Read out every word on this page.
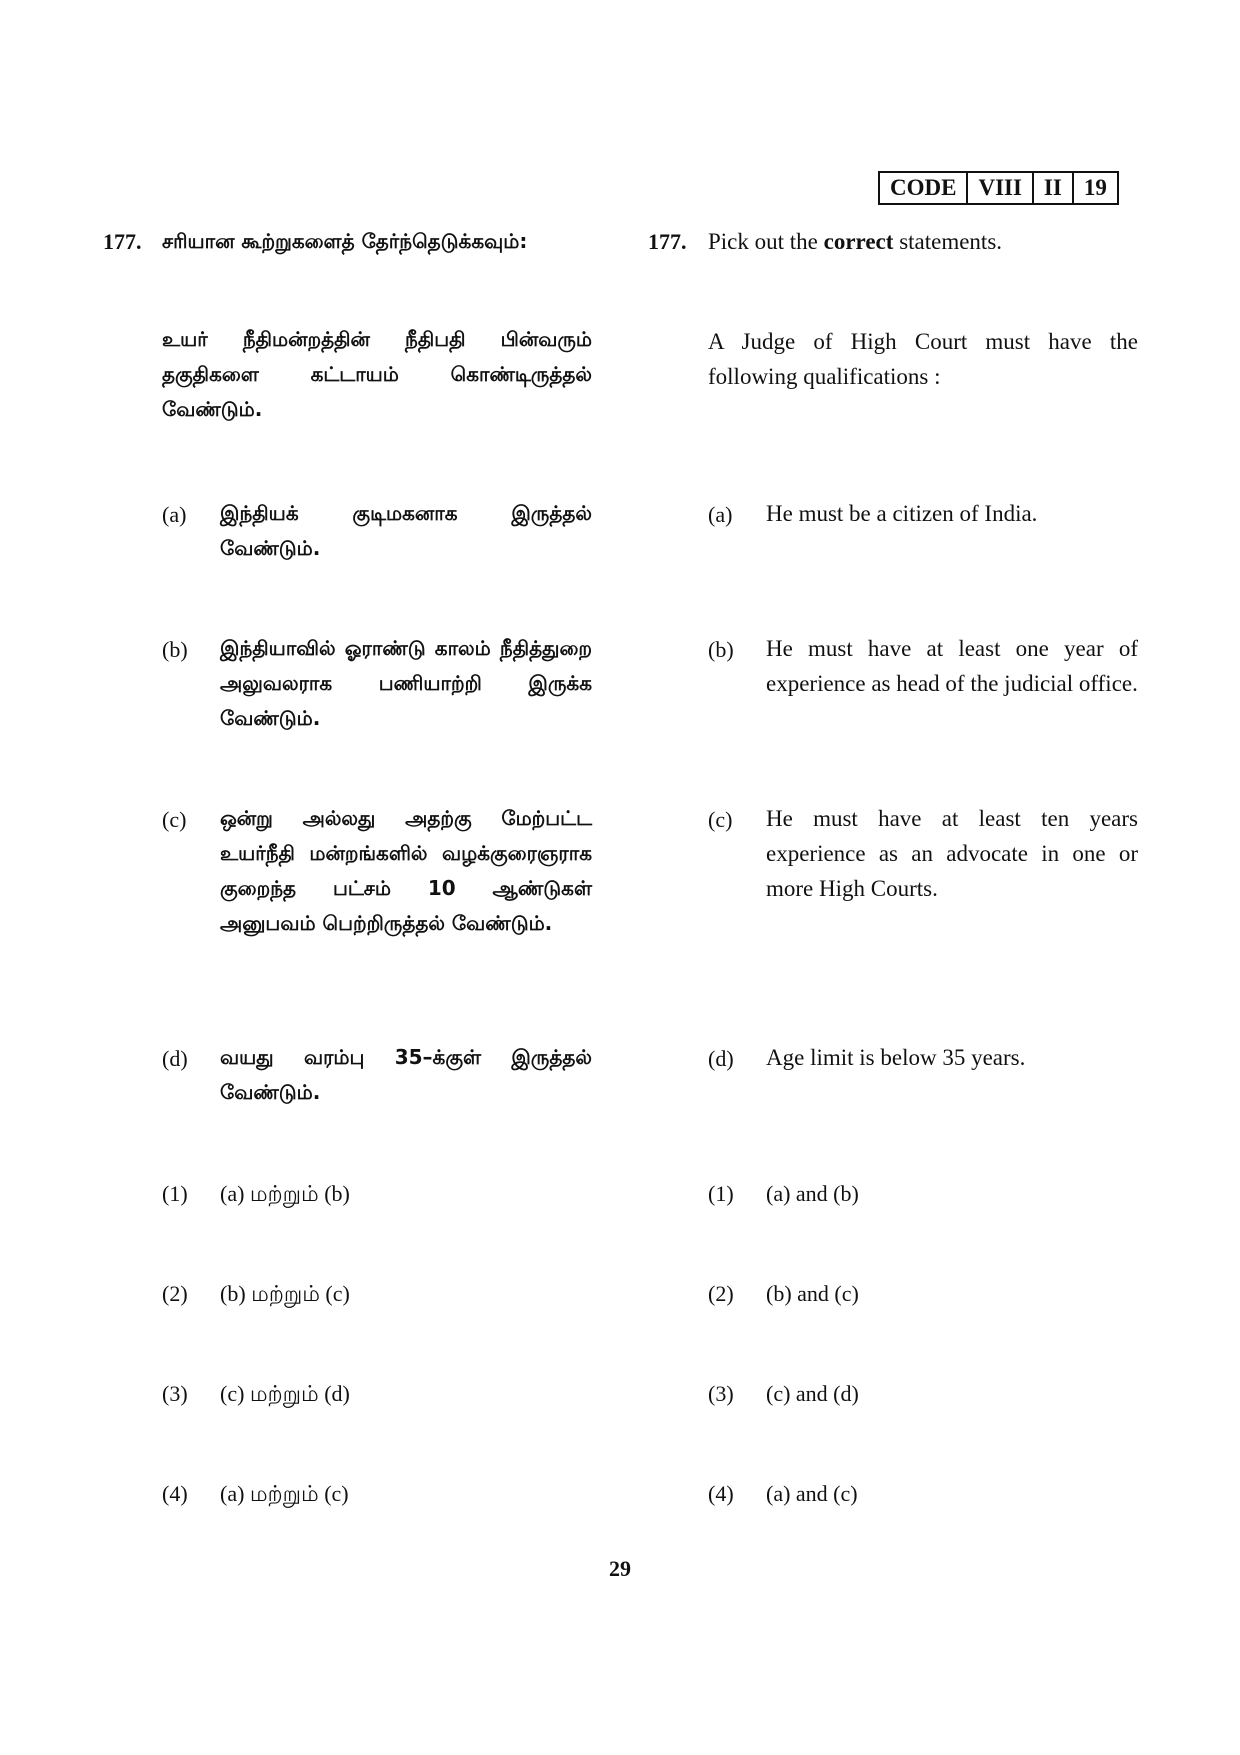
CODE VIII II 19
177. சரியான கூற்றுகளைத் தேர்ந்தெடுக்கவும்:
உயர் நீதிமன்றத்தின் நீதிபதி பின்வரும் தகுதிகளை கட்டாயம் கொண்டிருத்தல் வேண்டும்.
(a) இந்தியக் குடிமகனாக இருத்தல் வேண்டும்.
(b) இந்தியாவில் ஓராண்டு காலம் நீதித்துறை அலுவலராக பணியாற்றி இருக்க வேண்டும்.
(c) ஒன்று அல்லது அதற்கு மேற்பட்ட உயர்நீதி மன்றங்களில் வழக்குரைஞராக குறைந்த பட்சம் 10 ஆண்டுகள் அனுபவம் பெற்றிருத்தல் வேண்டும்.
(d) வயது வரம்பு 35–க்குள் இருத்தல் வேண்டும்.
(1) (a) மற்றும் (b)
(2) (b) மற்றும் (c)
(3) (c) மற்றும் (d)
(4) (a) மற்றும் (c)
177. Pick out the correct statements.
A Judge of High Court must have the following qualifications :
(a) He must be a citizen of India.
(b) He must have at least one year of experience as head of the judicial office.
(c) He must have at least ten years experience as an advocate in one or more High Courts.
(d) Age limit is below 35 years.
(1) (a) and (b)
(2) (b) and (c)
(3) (c) and (d)
(4) (a) and (c)
29
